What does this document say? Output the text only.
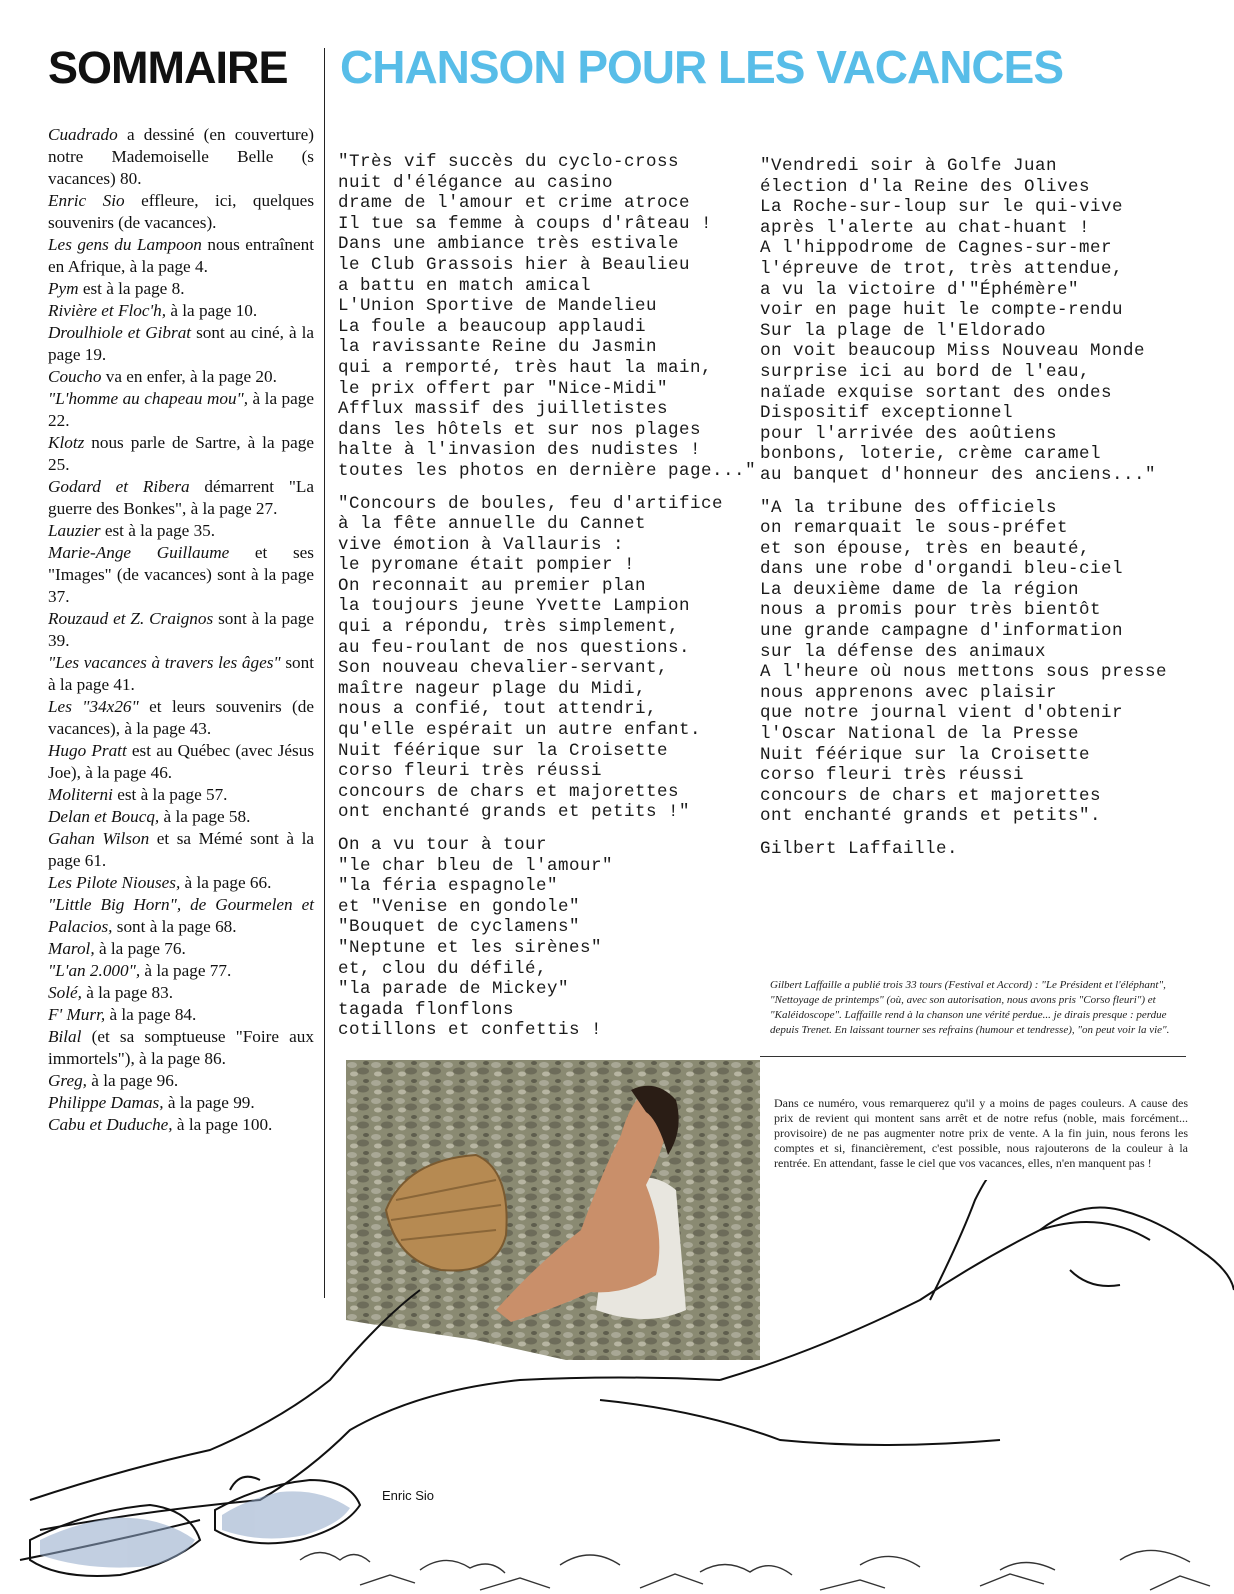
SOMMAIRE CHANSON POUR LES VACANCES

Cuadrado a dessiné (en couverture) notre Mademoiselle Belle (s vacances) 80.

Enric Sio effleure, ici, quelques souvenirs (de vacances).

Les gens du Lampoon nous entraînent en Afrique, à la page 4.

Pym est à la page 8.

Rivière et Floc'h, à la page 10.

Droulhiole et Gibrat sont au ciné, à la page 19.

Coucho va en enfer, à la page 20.

"L'homme au chapeau mou", à la page 22.

Klotz nous parle de Sartre, à la page 25.

Godard et Ribera démarrent "La guerre des Bonkes", à la page 27.

Lauzier est à la page 35.

Marie-Ange Guillaume et ses "Images" (de vacances) sont à la page 37.

Rouzaud et Z. Craignos sont à la page 39.

"Les vacances à travers les âges" sont à la page 41.

Les "34x26" et leurs souvenirs (de vacances), à la page 43.

Hugo Pratt est au Québec (avec Jésus Joe), à la page 46.

Moliterni est à la page 57.

Delan et Boucq, à la page 58.

Gahan Wilson et sa Mémé sont à la page 61.

Les Pilote Niouses, à la page 66.

"Little Big Horn", de Gourmelen et Palacios, sont à la page 68.

Marol, à la page 76.

"L'an 2.000", à la page 77.

Solé, à la page 83.

F' Murr, à la page 84.

Bilal (et sa somptueuse "Foire aux immortels"), à la page 86.

Greg, à la page 96.

Philippe Damas, à la page 99.

Cabu et Duduche, à la page 100.

"Très vif succès du cyclo-cross
nuit d'élégance au casino
drame de l'amour et crime atroce
Il tue sa femme à coups d'râteau !
Dans une ambiance très estivale
le Club Grassois hier à Beaulieu
a battu en match amical
L'Union Sportive de Mandelieu
La foule a beaucoup applaudi
la ravissante Reine du Jasmin
qui a remporté, très haut la main,
le prix offert par "Nice-Midi"
Afflux massif des juilletistes
dans les hôtels et sur nos plages
halte à l'invasion des nudistes !
toutes les photos en dernière page..."
"Concours de boules, feu d'artifice
à la fête annuelle du Cannet
vive émotion à Vallauris :
le pyromane était pompier !
On reconnait au premier plan
la toujours jeune Yvette Lampion
qui a répondu, très simplement,
au feu-roulant de nos questions.
Son nouveau chevalier-servant,
maître nageur plage du Midi,
nous a confié, tout attendri,
qu'elle espérait un autre enfant.
Nuit féérique sur la Croisette
corso fleuri très réussi
concours de chars et majorettes
ont enchanté grands et petits !"
On a vu tour à tour
"le char bleu de l'amour"
"la féria espagnole"
et "Venise en gondole"
"Bouquet de cyclamens"
"Neptune et les sirènes"
et, clou du défilé,
"la parade de Mickey"
tagada flonflons
cotillons et confettis !
"Vendredi soir à Golfe Juan
élection d'la Reine des Olives
La Roche-sur-loup sur le qui-vive
après l'alerte au chat-huant !
A l'hippodrome de Cagnes-sur-mer
l'épreuve de trot, très attendue,
a vu la victoire d'"Éphémère"
voir en page huit le compte-rendu
Sur la plage de l'Eldorado
on voit beaucoup Miss Nouveau Monde
surprise ici au bord de l'eau,
naïade exquise sortant des ondes
Dispositif exceptionnel
pour l'arrivée des aoûtiens
bonbons, loterie, crème caramel
au banquet d'honneur des anciens..."
"A la tribune des officiels
on remarquait le sous-préfet
et son épouse, très en beauté,
dans une robe d'organdi bleu-ciel
La deuxième dame de la région
nous a promis pour très bientôt
une grande campagne d'information
sur la défense des animaux
A l'heure où nous mettons sous presse
nous apprenons avec plaisir
que notre journal vient d'obtenir
l'Oscar National de la Presse
Nuit féérique sur la Croisette
corso fleuri très réussi
concours de chars et majorettes
ont enchanté grands et petits".
Gilbert Laffaille.
Gilbert Laffaille a publié trois 33 tours (Festival et Accord) : "Le Président et l'éléphant", "Nettoyage de printemps" (où, avec son autorisation, nous avons pris "Corso fleuri") et "Kaléidoscope". Laffaille rend à la chanson une vérité perdue... je dirais presque : perdue depuis Trenet. En laissant tourner ses refrains (humour et tendresse), "on peut voir la vie".
Dans ce numéro, vous remarquerez qu'il y a moins de pages couleurs. A cause des prix de revient qui montent sans arrêt et de notre refus (noble, mais forcément... provisoire) de ne pas augmenter notre prix de vente. A la fin juin, nous ferons les comptes et si, financièrement, c'est possible, nous rajouterons de la couleur à la rentrée. En attendant, fasse le ciel que vos vacances, elles, n'en manquent pas !
Enric Sio
